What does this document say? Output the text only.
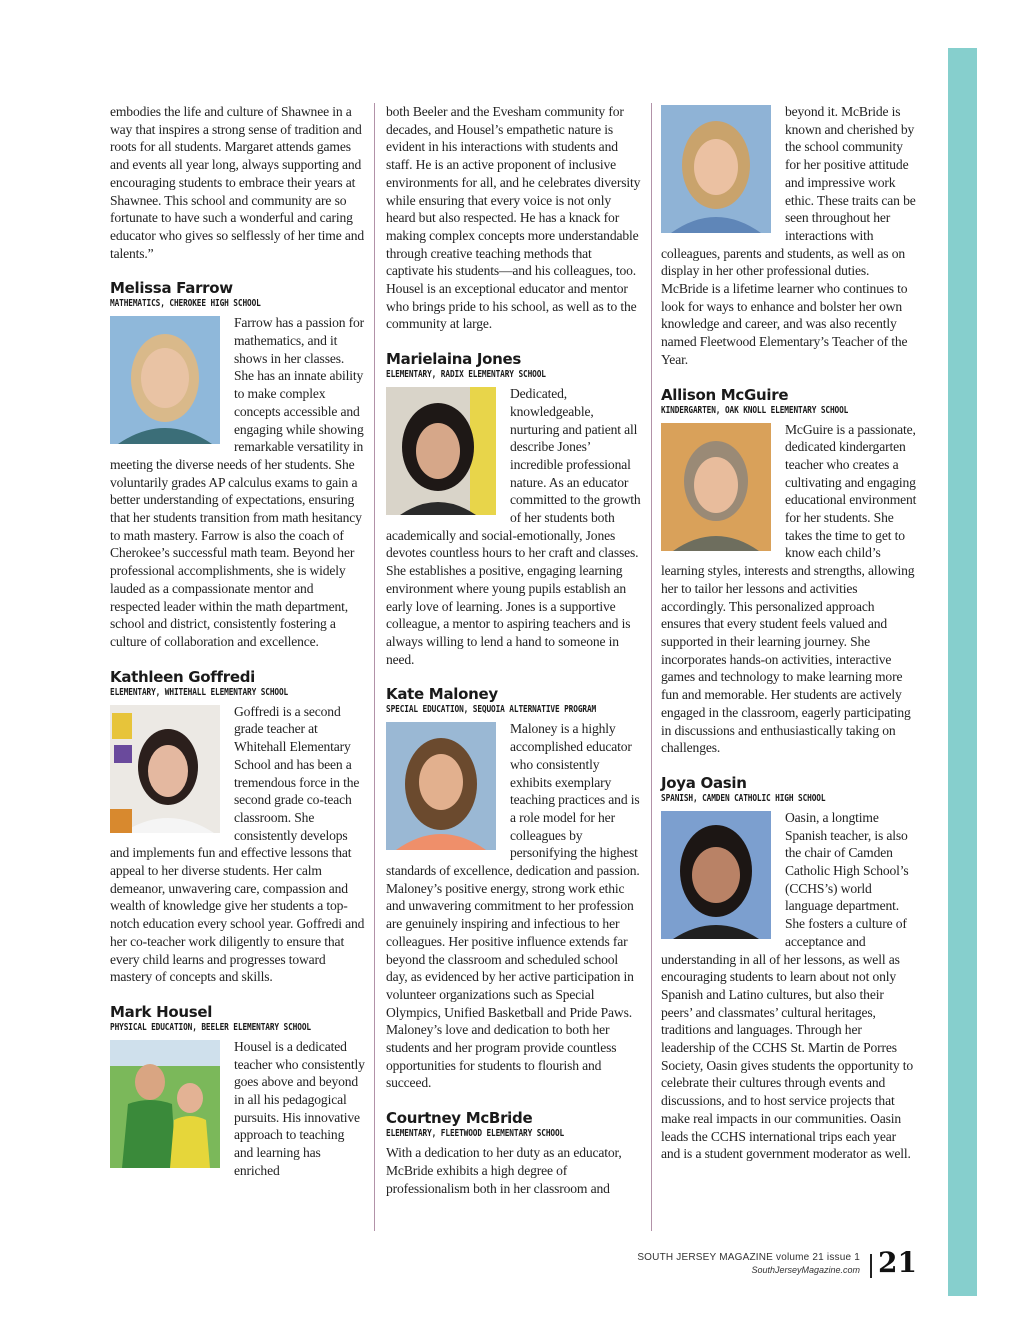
embodies the life and culture of Shawnee in a way that inspires a strong sense of tradition and roots for all students. Margaret attends games and events all year long, always supporting and encouraging students to embrace their years at Shawnee. This school and community are so fortunate to have such a wonderful and caring educator who gives so selflessly of her time and talents.”

Melissa Farrow
MATHEMATICS, CHEROKEE HIGH SCHOOL

Farrow has a passion for mathematics, and it shows in her classes. She has an innate ability to make complex concepts accessible and engaging while showing remarkable versatility in meeting the diverse needs of her students. She voluntarily grades AP calculus exams to gain a better understanding of expectations, ensuring that her students transition from math hesitancy to math mastery. Farrow is also the coach of Cherokee’s successful math team. Beyond her professional accomplishments, she is widely lauded as a compassionate mentor and respected leader within the math department, school and district, consistently fostering a culture of collaboration and excellence.

Kathleen Goffredi
ELEMENTARY, WHITEHALL ELEMENTARY SCHOOL

Goffredi is a second grade teacher at Whitehall Elementary School and has been a tremendous force in the second grade co-teach classroom. She consistently develops and implements fun and effective lessons that appeal to her diverse students. Her calm demeanor, unwavering care, compassion and wealth of knowledge give her students a top-notch education every school year. Goffredi and her co-teacher work diligently to ensure that every child learns and progresses toward mastery of concepts and skills.

Mark Housel
PHYSICAL EDUCATION, BEELER ELEMENTARY SCHOOL

Housel is a dedicated teacher who consistently goes above and beyond in all his pedagogical pursuits. His innovative approach to teaching and learning has enriched

both Beeler and the Evesham community for decades, and Housel’s empathetic nature is evident in his interactions with students and staff. He is an active proponent of inclusive environments for all, and he celebrates diversity while ensuring that every voice is not only heard but also respected. He has a knack for making complex concepts more understandable through creative teaching methods that captivate his students—and his colleagues, too. Housel is an exceptional educator and mentor who brings pride to his school, as well as to the community at large.

Marielaina Jones
ELEMENTARY, RADIX ELEMENTARY SCHOOL

Dedicated, knowledgeable, nurturing and patient all describe Jones’ incredible professional nature. As an educator committed to the growth of her students both academically and social-emotionally, Jones devotes countless hours to her craft and classes. She establishes a positive, engaging learning environment where young pupils establish an early love of learning. Jones is a supportive colleague, a mentor to aspiring teachers and is always willing to lend a hand to someone in need.

Kate Maloney
SPECIAL EDUCATION, SEQUOIA ALTERNATIVE PROGRAM

Maloney is a highly accomplished educator who consistently exhibits exemplary teaching practices and is a role model for her colleagues by personifying the highest standards of excellence, dedication and passion. Maloney’s positive energy, strong work ethic and unwavering commitment to her profession are genuinely inspiring and infectious to her colleagues. Her positive influence extends far beyond the classroom and scheduled school day, as evidenced by her active participation in volunteer organizations such as Special Olympics, Unified Basketball and Pride Paws. Maloney’s love and dedication to both her students and her program provide countless opportunities for students to flourish and succeed.

Courtney McBride
ELEMENTARY, FLEETWOOD ELEMENTARY SCHOOL

With a dedication to her duty as an educator, McBride exhibits a high degree of professionalism both in her classroom and

beyond it. McBride is known and cherished by the school community for her positive attitude and impressive work ethic. These traits can be seen throughout her interactions with colleagues, parents and students, as well as on display in her other professional duties. McBride is a lifetime learner who continues to look for ways to enhance and bolster her own knowledge and career, and was also recently named Fleetwood Elementary’s Teacher of the Year.

Allison McGuire
KINDERGARTEN, OAK KNOLL ELEMENTARY SCHOOL

McGuire is a passionate, dedicated kindergarten teacher who creates a cultivating and engaging educational environment for her students. She takes the time to get to know each child’s learning styles, interests and strengths, allowing her to tailor her lessons and activities accordingly. This personalized approach ensures that every student feels valued and supported in their learning journey. She incorporates hands-on activities, interactive games and technology to make learning more fun and memorable. Her students are actively engaged in the classroom, eagerly participating in discussions and enthusiastically taking on challenges.

Joya Oasin
SPANISH, CAMDEN CATHOLIC HIGH SCHOOL

Oasin, a longtime Spanish teacher, is also the chair of Camden Catholic High School’s (CCHS’s) world language department. She fosters a culture of acceptance and understanding in all of her lessons, as well as encouraging students to learn about not only Spanish and Latino cultures, but also their peers’ and classmates’ cultural heritages, traditions and languages. Through her leadership of the CCHS St. Martin de Porres Society, Oasin gives students the opportunity to celebrate their cultures through events and discussions, and to host service projects that make real impacts in our communities. Oasin leads the CCHS international trips each year and is a student government moderator as well.

SOUTH JERSEY MAGAZINE volume 21 issue 1
SouthJerseyMagazine.com 21
